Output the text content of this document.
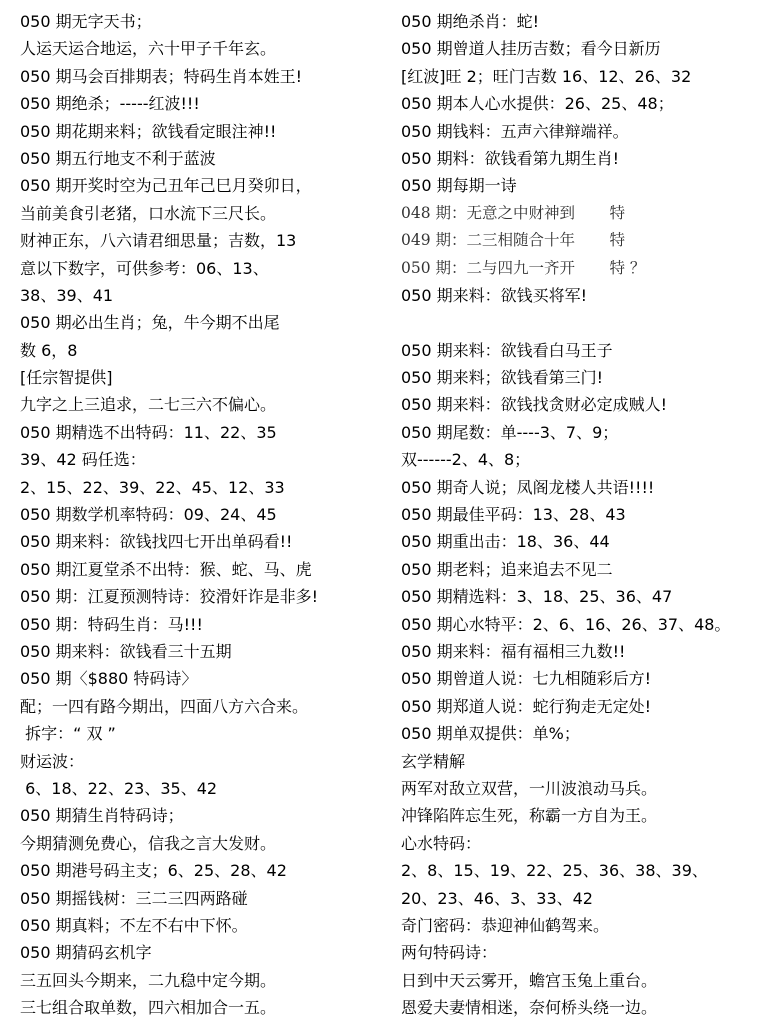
050 期无字天书；
人运天运合地运，六十甲子千年玄。
050 期马会百排期表；特码生肖本姓王!
050 期绝杀；-----红波!!!
050 期花期来料；欲钱看定眼注神!!
050 期五行地支不利于蓝波
050 期开奖时空为己丑年己巳月癸卯日，
当前美食引老猪，口水流下三尺长。
财神正东，八六请君细思量；吉数，13
意以下数字，可供参考：06、13、
38、39、41
050 期必出生肖；兔，牛今期不出尾
数 6，8
[任宗智提供]
九字之上三追求，二七三六不偏心。
050 期精选不出特码：11、22、35
39、42 码任选：
2、15、22、39、22、45、12、33
050 期数学机率特码：09、24、45
050 期来料：欲钱找四七开出单码看!!
050 期江夏堂杀不出特：猴、蛇、马、虎
050 期：江夏预测特诗：狡滑奸诈是非多!
050 期：特码生肖：马!!!
050 期来料：欲钱看三十五期
050 期〈$880 特码诗〉
配；一四有路今期出，四面八方六合来。
拆字：“ 双 ”
财运波：
6、18、22、23、35、42
050 期猜生肖特码诗；
今期猜测免费心，信我之言大发财。
050 期港号码主支；6、25、28、42
050 期摇钱树：三二三四两路碰
050 期真料；不左不右中下怀。
050 期猜码玄机字
三五回头今期来，二九稳中定今期。
三七组合取单数，四六相加合一五。
050 期绝杀肖：蛇!
050 期曾道人挂历吉数；看今日新历
[红波]旺 2；旺门吉数 16、12、26、32
050 期本人心水提供：26、25、48；
050 期钱料：五声六律辩端祥。
050 期料：欲钱看第九期生肖!
050 期每期一诗
048 期：无意之中财神到       特
049 期：二三相随合十年       特
050 期：二与四九一齐开       特 ？
050 期来料：欲钱买将军!
050 期来料：欲钱看白马王子
050 期来料；欲钱看第三门!
050 期来料：欲钱找贪财必定成贼人!
050 期尾数：单----3、7、9；
双------2、4、8；
050 期奇人说；凤阁龙楼人共语!!!!
050 期最佳平码：13、28、43
050 期重出击：18、36、44
050 期老料；追来追去不见二
050 期精选料：3、18、25、36、47
050 期心水特平：2、6、16、26、37、48。
050 期来料：福有福相三九数!!
050 期曾道人说：七九相随彩后方!
050 期郑道人说：蛇行狗走无定处!
050 期单双提供：单%；
玄学精解
两军对敌立双营，一川波浪动马兵。
冲锋陷阵忘生死，称霸一方自为王。
心水特码：
2、8、15、19、22、25、36、38、39、
20、23、46、3、33、42
奇门密码：恭迎神仙鹤驾来。
两句特码诗：
日到中天云雾开，蟾宫玉兔上重台。
恩爱夫妻情相迷，奈何桥头绕一边。
